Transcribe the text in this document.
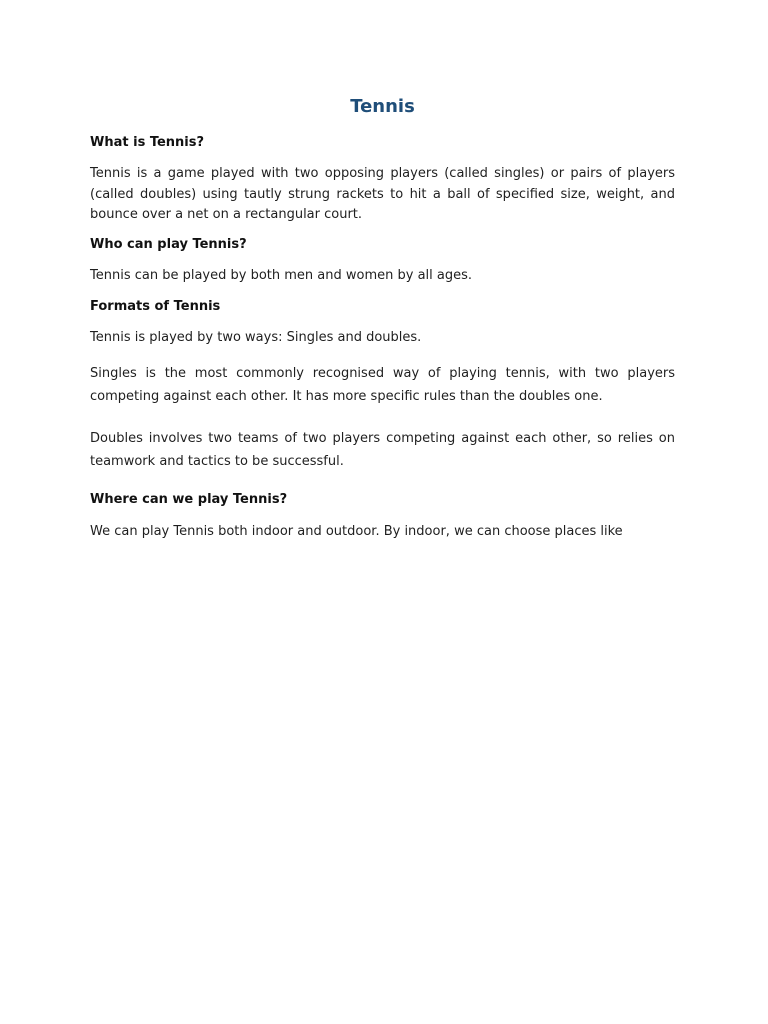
Tennis
What is Tennis?

Tennis is a game played with two opposing players (called singles) or pairs of players (called doubles) using tautly strung rackets to hit a ball of specified size, weight, and bounce over a net on a rectangular court.

Who can play Tennis?

Tennis can be played by both men and women by all ages.

Formats of Tennis

Tennis is played by two ways: Singles and doubles.

Singles is the most commonly recognised way of playing tennis, with two players competing against each other. It has more specific rules than the doubles one.

Doubles involves two teams of two players competing against each other, so relies on teamwork and tactics to be successful.

Where can we play Tennis?

We can play Tennis both indoor and outdoor. By indoor, we can choose places like
